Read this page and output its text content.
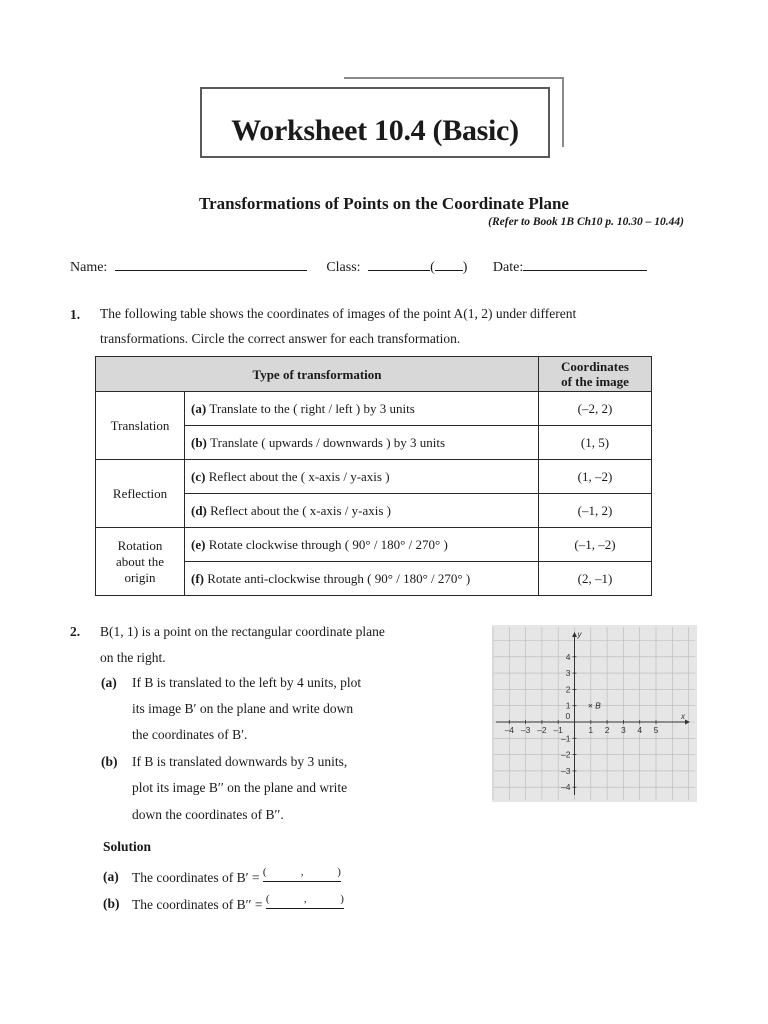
Worksheet 10.4 (Basic)
Transformations of Points on the Coordinate Plane
(Refer to Book 1B Ch10 p. 10.30 – 10.44)
Name:	Class:	( ) Date:
1. The following table shows the coordinates of images of the point A(1, 2) under different
transformations. Circle the correct answer for each transformation.
Type of transformation		Coordinates
of the image
Translation	(a) Translate to the ( right / left ) by 3 units	(–2, 2)
	(b) Translate ( upwards / downwards ) by 3 units	(1, 5)
Reflection	(c) Reflect about the ( x-axis / y-axis )	(1, –2)
	(d) Reflect about the ( x-axis / y-axis )	(–1, 2)
Rotation
about the
origin	(e) Rotate clockwise through ( 90° / 180° / 270° )	(–1, –2)
	(f) Rotate anti-clockwise through ( 90° / 180° / 270° )	(2, –1)
2. B(1, 1) is a point on the rectangular coordinate plane
on the right.
(a) If B is translated to the left by 4 units, plot
its image B′ on the plane and write down
the coordinates of B′.
(b) If B is translated downwards by 3 units,
plot its image B′′ on the plane and write
down the coordinates of B′′.
Solution
(a) The coordinates of B′ = (	,	)
(b) The coordinates of B′′ = (	,	)
–4 –3 –2 –1	1 2 3 4 5
4
3
2
1
–1
–2
–3
–4
x
y
0
× B
